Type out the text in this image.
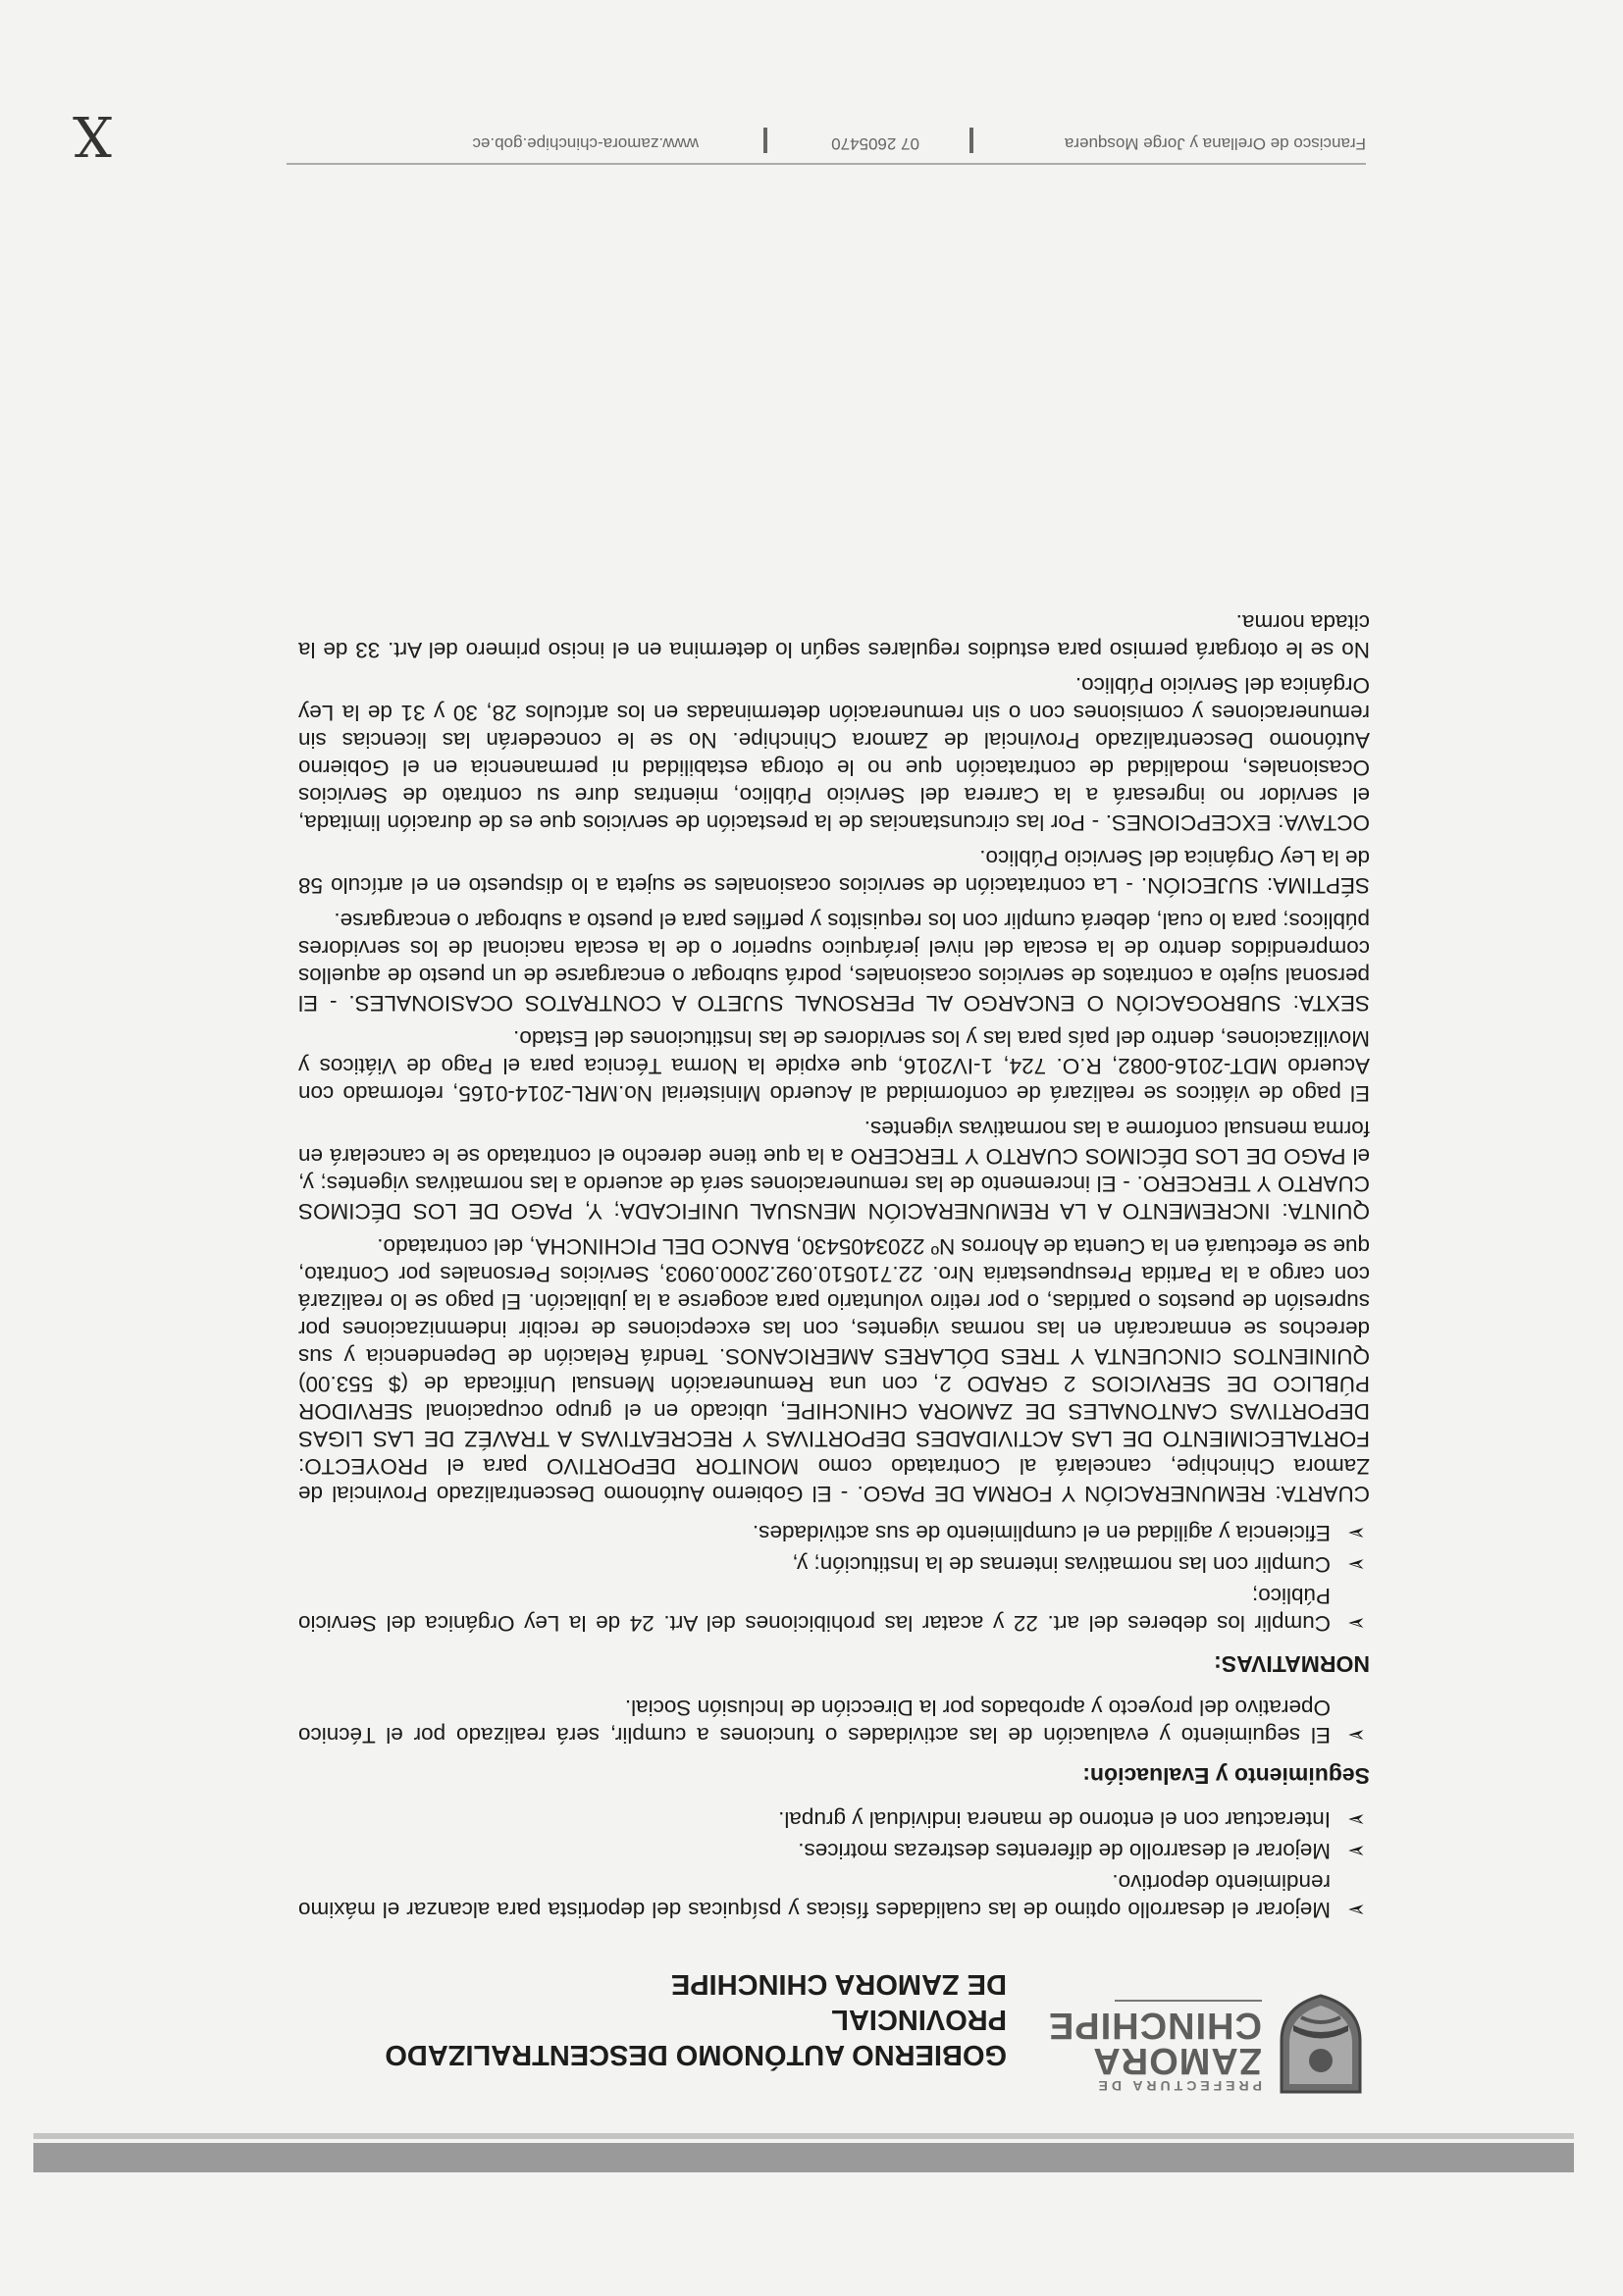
PREFECTURA DE
ZAMORA
CHINCHIPE
GOBIERNO AUTÓNOMO DESCENTRALIZADO PROVINCIAL
DE ZAMORA CHINCHIPE
➢ Mejorar el desarrollo optimo de las cualidades físicas y psíquicas del deportista para alcanzar el máximo rendimiento deportivo.
➢ Mejorar el desarrollo de diferentes destrezas motrices.
➢ Interactuar con el entorno de manera individual y grupal.
Seguimiento y Evaluación:
➢ El seguimiento y evaluación de las actividades o funciones a cumplir, será realizado por el Técnico Operativo del proyecto y aprobados por la Dirección de Inclusión Social.
NORMATIVAS:
➢ Cumplir los deberes del art. 22 y acatar las prohibiciones del Art. 24 de la Ley Orgánica del Servicio Público;
➢ Cumplir con las normativas internas de la Institución; y,
➢ Eficiencia y agilidad en el cumplimiento de sus actividades.

CUARTA: REMUNERACIÓN Y FORMA DE PAGO. - El Gobierno Autónomo Descentralizado Provincial de Zamora Chinchipe, cancelará al Contratado como MONITOR DEPORTIVO para el PROYECTO: FORTALECIMIENTO DE LAS ACTIVIDADES DEPORTIVAS Y RECREATIVAS A TRAVÉZ DE LAS LIGAS DEPORTIVAS CANTONALES DE ZAMORA CHINCHIPE, ubicado en el grupo ocupacional SERVIDOR PÚBLICO DE SERVICIOS 2 GRADO 2, con una Remuneración Mensual Unificada de ($ 553.00) QUINIENTOS CINCUENTA Y TRES DÓLARES AMERICANOS. Tendrá Relación de Dependencia y sus derechos se enmarcarán en las normas vigentes, con las excepciones de recibir indemnizaciones por supresión de puestos o partidas, o por retiro voluntario para acogerse a la jubilación. El pago se lo realizará con cargo a la Partida Presupuestaria Nro. 22.710510.092.2000.0903, Servicios Personales por Contrato, que se efectuará en la Cuenta de Ahorros Nº 2203405430, BANCO DEL PICHINCHA, del contratado.

QUINTA: INCREMENTO A LA REMUNERACIÓN MENSUAL UNIFICADA; Y, PAGO DE LOS DÉCIMOS CUARTO Y TERCERO. - El incremento de las remuneraciones será de acuerdo a las normativas vigentes; y, el PAGO DE LOS DÉCIMOS CUARTO Y TERCERO a la que tiene derecho el contratado se le cancelará en forma mensual conforme a las normativas vigentes.

El pago de viáticos se realizará de conformidad al Acuerdo Ministerial No.MRL-2014-0165, reformado con Acuerdo MDT-2016-0082, R.O. 724, 1-IV2016, que expide la Norma Técnica para el Pago de Viáticos y Movilizaciones, dentro del país para las y los servidores de las Instituciones del Estado.

SEXTA: SUBROGACIÓN O ENCARGO AL PERSONAL SUJETO A CONTRATOS OCASIONALES. - El personal sujeto a contratos de servicios ocasionales, podrá subrogar o encargarse de un puesto de aquellos comprendidos dentro de la escala del nivel jerárquico superior o de la escala nacional de los servidores públicos; para lo cual, deberá cumplir con los requisitos y perfiles para el puesto a subrogar o encargarse.

SÉPTIMA: SUJECIÓN. - La contratación de servicios ocasionales se sujeta a lo dispuesto en el artículo 58 de la Ley Orgánica del Servicio Público.

OCTAVA: EXCEPCIONES. - Por las circunstancias de la prestación de servicios que es de duración limitada, el servidor no ingresará a la Carrera del Servicio Público, mientras dure su contrato de Servicios Ocasionales, modalidad de contratación que no le otorga estabilidad ni permanencia en el Gobierno Autónomo Descentralizado Provincial de Zamora Chinchipe. No se le concederán las licencias sin remuneraciones y comisiones con o sin remuneración determinadas en los artículos 28, 30 y 31 de la Ley Orgánica del Servicio Público.

No se le otorgará permiso para estudios regulares según lo determina en el inciso primero del Art. 33 de la citada norma.

Francisco de Orellana y Jorge Mosquera
07 2605470
www.zamora-chinchipe.gob.ec
X
